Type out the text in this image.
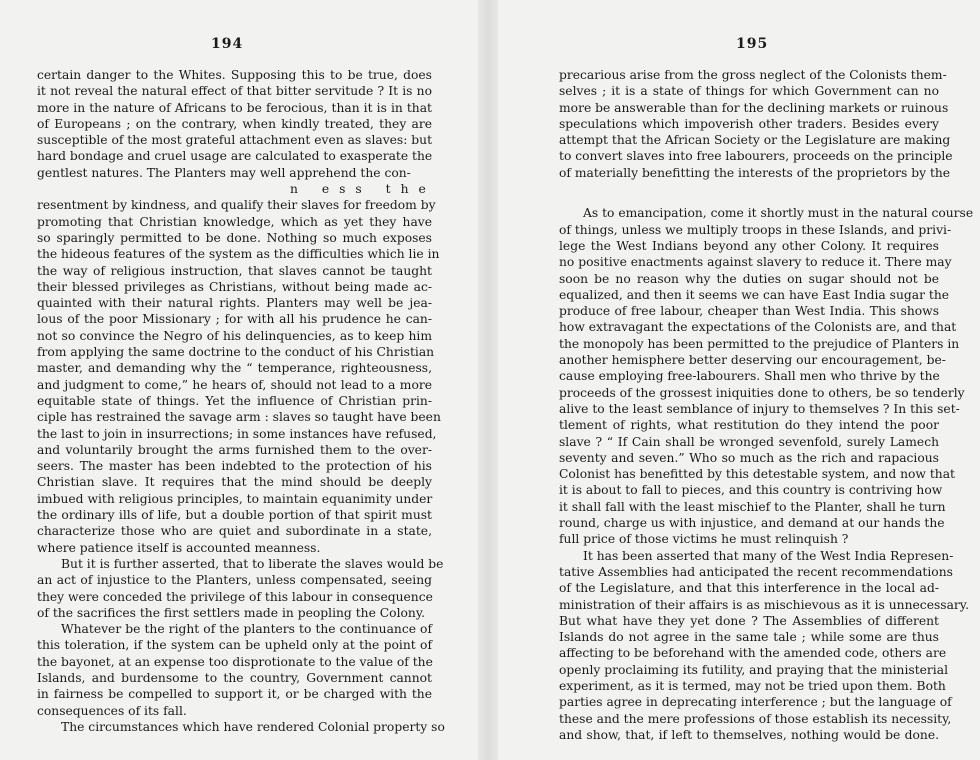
194
certain danger to the Whites. Supposing this to be true, does
it not reveal the natural effect of that bitter servitude ? It is no
more in the nature of Africans to be ferocious, than it is in that
of Europeans ; on the contrary, when kindly treated, they are
susceptible of the most grateful attachment even as slaves: but
hard bondage and cruel usage are calculated to exasperate the
gentlest natures. The Planters may well apprehend the con-
n ess the
resentment by kindness, and qualify their slaves for freedom by
promoting that Christian knowledge, which as yet they have
so sparingly permitted to be done. Nothing so much exposes
the hideous features of the system as the difficulties which lie in
the way of religious instruction, that slaves cannot be taught
their blessed privileges as Christians, without being made ac-
quainted with their natural rights. Planters may well be jea-
lous of the poor Missionary ; for with all his prudence he can-
not so convince the Negro of his delinquencies, as to keep him
from applying the same doctrine to the conduct of his Christian
master, and demanding why the “ temperance, righteousness,
and judgment to come,” he hears of, should not lead to a more
equitable state of things. Yet the influence of Christian prin-
ciple has restrained the savage arm : slaves so taught have been
the last to join in insurrections; in some instances have refused,
and voluntarily brought the arms furnished them to the over-
seers. The master has been indebted to the protection of his
Christian slave. It requires that the mind should be deeply
imbued with religious principles, to maintain equanimity under
the ordinary ills of life, but a double portion of that spirit must
characterize those who are quiet and subordinate in a state,
where patience itself is accounted meanness.
But it is further asserted, that to liberate the slaves would be
an act of injustice to the Planters, unless compensated, seeing
they were conceded the privilege of this labour in consequence
of the sacrifices the first settlers made in peopling the Colony.
Whatever be the right of the planters to the continuance of
this toleration, if the system can be upheld only at the point of
the bayonet, at an expense too disprotionate to the value of the
Islands, and burdensome to the country, Government cannot
in fairness be compelled to support it, or be charged with the
consequences of its fall.
The circumstances which have rendered Colonial property so
195
precarious arise from the gross neglect of the Colonists them-
selves ; it is a state of things for which Government can no
more be answerable than for the declining markets or ruinous
speculations which impoverish other traders. Besides every
attempt that the African Society or the Legislature are making
to convert slaves into free labourers, proceeds on the principle
of materially benefitting the interests of the proprietors by the
As to emancipation, come it shortly must in the natural course
of things, unless we multiply troops in these Islands, and privi-
lege the West Indians beyond any other Colony. It requires
no positive enactments against slavery to reduce it. There may
soon be no reason why the duties on sugar should not be
equalized, and then it seems we can have East India sugar the
produce of free labour, cheaper than West India. This shows
how extravagant the expectations of the Colonists are, and that
the monopoly has been permitted to the prejudice of Planters in
another hemisphere better deserving our encouragement, be-
cause employing free-labourers. Shall men who thrive by the
proceeds of the grossest iniquities done to others, be so tenderly
alive to the least semblance of injury to themselves ? In this set-
tlement of rights, what restitution do they intend the poor
slave ? “ If Cain shall be wronged sevenfold, surely Lamech
seventy and seven.” Who so much as the rich and rapacious
Colonist has benefitted by this detestable system, and now that
it is about to fall to pieces, and this country is contriving how
it shall fall with the least mischief to the Planter, shall he turn
round, charge us with injustice, and demand at our hands the
full price of those victims he must relinquish ?
It has been asserted that many of the West India Represen-
tative Assemblies had anticipated the recent recommendations
of the Legislature, and that this interference in the local ad-
ministration of their affairs is as mischievous as it is unnecessary.
But what have they yet done ? The Assemblies of different
Islands do not agree in the same tale ; while some are thus
affecting to be beforehand with the amended code, others are
openly proclaiming its futility, and praying that the ministerial
experiment, as it is termed, may not be tried upon them. Both
parties agree in deprecating interference ; but the language of
these and the mere professions of those establish its necessity,
and show, that, if left to themselves, nothing would be done.
